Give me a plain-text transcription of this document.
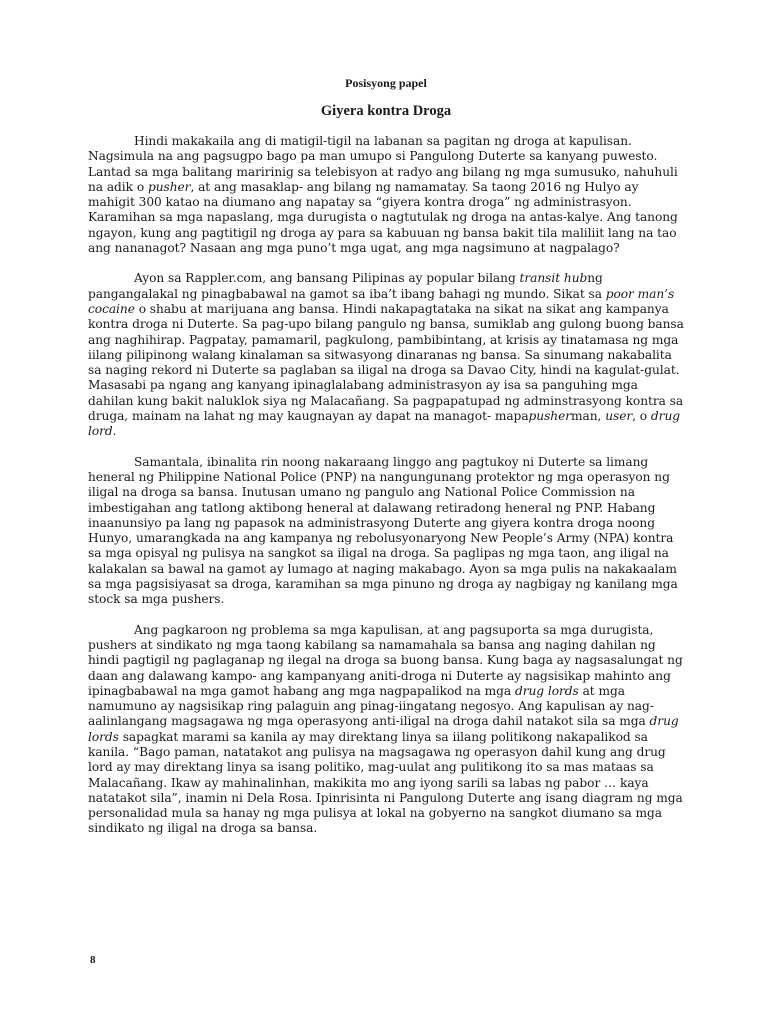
Posisyong papel
Giyera kontra Droga

Hindi makakaila ang di matigil-tigil na labanan sa pagitan ng droga at kapulisan. Nagsimula na ang pagsugpo bago pa man umupo si Pangulong Duterte sa kanyang puwesto. Lantad sa mga balitang maririnig sa telebisyon at radyo ang bilang ng mga sumusuko, nahuhuli na adik o pusher, at ang masaklap- ang bilang ng namamatay. Sa taong 2016 ng Hulyo ay mahigit 300 katao na diumano ang napatay sa “giyera kontra droga” ng administrasyon. Karamihan sa mga napaslang, mga durugista o nagtutulak ng droga na antas-kalye. Ang tanong ngayon, kung ang pagtitigil ng droga ay para sa kabuuan ng bansa bakit tila maliliit lang na tao ang nananagot? Nasaan ang mga puno’t mga ugat, ang mga nagsimuno at nagpalago?

Ayon sa Rappler.com, ang bansang Pilipinas ay popular bilang transit hubng pangangalakal ng pinagbabawal na gamot sa iba’t ibang bahagi ng mundo. Sikat sa poor man’s cocaine o shabu at marijuana ang bansa. Hindi nakapagtataka na sikat na sikat ang kampanya kontra droga ni Duterte. Sa pag-upo bilang pangulo ng bansa, sumiklab ang gulong buong bansa ang naghihirap. Pagpatay, pamamaril, pagkulong, pambibintang, at krisis ay tinatamasa ng mga iilang pilipinong walang kinalaman sa sitwasyong dinaranas ng bansa. Sa sinumang nakabalita sa naging rekord ni Duterte sa paglaban sa iligal na droga sa Davao City, hindi na kagulat-gulat. Masasabi pa ngang ang kanyang ipinaglalabang administrasyon ay isa sa panguhing mga dahilan kung bakit naluklok siya ng Malacañang. Sa pagpapatupad ng adminstrasyong kontra sa druga, mainam na lahat ng may kaugnayan ay dapat na managot- mapapusherman, user, o drug lord.

Samantala, ibinalita rin noong nakaraang linggo ang pagtukoy ni Duterte sa limang heneral ng Philippine National Police (PNP) na nangungunang protektor ng mga operasyon ng iligal na droga sa bansa. Inutusan umano ng pangulo ang National Police Commission na imbestigahan ang tatlong aktibong heneral at dalawang retiradong heneral ng PNP. Habang inaanunsiyo pa lang ng papasok na administrasyong Duterte ang giyera kontra droga noong Hunyo, umarangkada na ang kampanya ng rebolusyonaryong New People’s Army (NPA) kontra sa mga opisyal ng pulisya na sangkot sa iligal na droga. Sa paglipas ng mga taon, ang iligal na kalakalan sa bawal na gamot ay lumago at naging makabago. Ayon sa mga pulis na nakakaalam sa mga pagsisiyasat sa droga, karamihan sa mga pinuno ng droga ay nagbigay ng kanilang mga stock sa mga pushers.

Ang pagkaroon ng problema sa mga kapulisan, at ang pagsuporta sa mga durugista, pushers at sindikato ng mga taong kabilang sa namamahala sa bansa ang naging dahilan ng hindi pagtigil ng paglaganap ng ilegal na droga sa buong bansa. Kung baga ay nagsasalungat ng daan ang dalawang kampo- ang kampanyang aniti-droga ni Duterte ay nagsisikap mahinto ang ipinagbabawal na mga gamot habang ang mga nagpapalikod na mga drug lords at mga namumuno ay nagsisikap ring palaguin ang pinag-iingatang negosyo. Ang kapulisan ay nag-aalinlangang magsagawa ng mga operasyong anti-iligal na droga dahil natakot sila sa mga drug lords sapagkat marami sa kanila ay may direktang linya sa iilang politikong nakapalikod sa kanila. “Bago paman, natatakot ang pulisya na magsagawa ng operasyon dahil kung ang drug lord ay may direktang linya sa isang politiko, mag-uulat ang pulitikong ito sa mas mataas sa Malacañang. Ikaw ay mahinalinhan, makikita mo ang iyong sarili sa labas ng pabor … kaya natatakot sila”, inamin ni Dela Rosa. Ipinrisinta ni Pangulong Duterte ang isang diagram ng mga personalidad mula sa hanay ng mga pulisya at lokal na gobyerno na sangkot diumano sa mga sindikato ng iligal na droga sa bansa.

8
